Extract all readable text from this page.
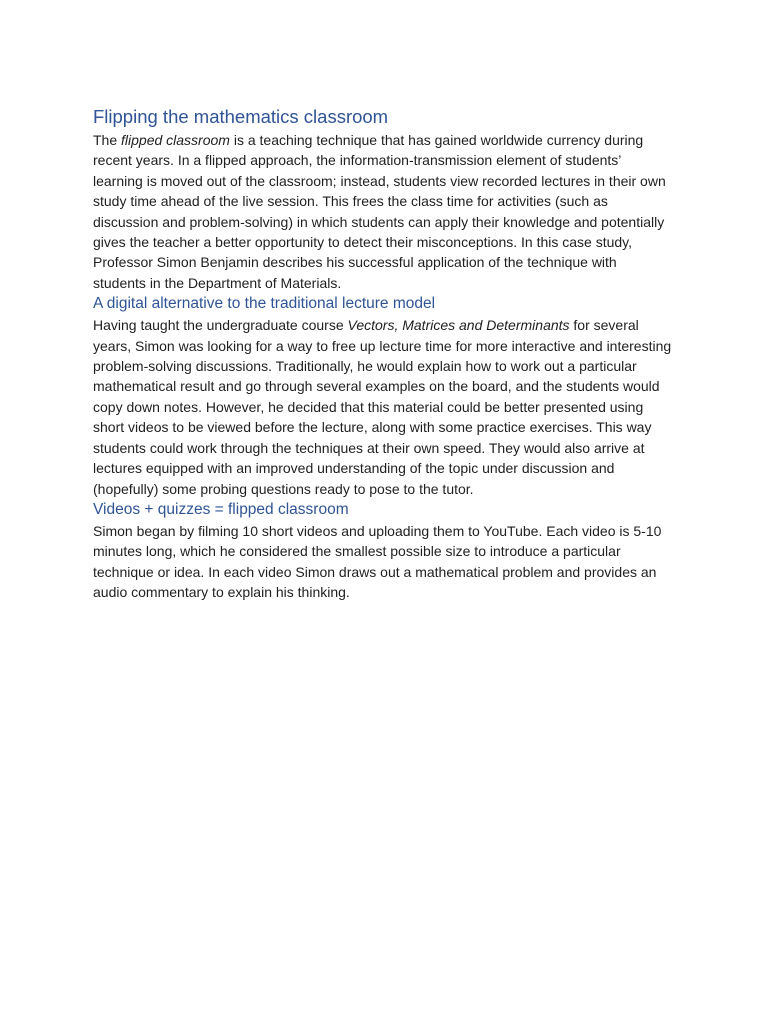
Flipping the mathematics classroom

The flipped classroom is a teaching technique that has gained worldwide currency during recent years. In a flipped approach, the information-transmission element of students’ learning is moved out of the classroom; instead, students view recorded lectures in their own study time ahead of the live session. This frees the class time for activities (such as discussion and problem-solving) in which students can apply their knowledge and potentially gives the teacher a better opportunity to detect their misconceptions. In this case study, Professor Simon Benjamin describes his successful application of the technique with students in the Department of Materials.

A digital alternative to the traditional lecture model

Having taught the undergraduate course Vectors, Matrices and Determinants for several years, Simon was looking for a way to free up lecture time for more interactive and interesting problem-solving discussions. Traditionally, he would explain how to work out a particular mathematical result and go through several examples on the board, and the students would copy down notes. However, he decided that this material could be better presented using short videos to be viewed before the lecture, along with some practice exercises. This way students could work through the techniques at their own speed. They would also arrive at lectures equipped with an improved understanding of the topic under discussion and (hopefully) some probing questions ready to pose to the tutor.

Videos + quizzes = flipped classroom

Simon began by filming 10 short videos and uploading them to YouTube. Each video is 5-10 minutes long, which he considered the smallest possible size to introduce a particular technique or idea. In each video Simon draws out a mathematical problem and provides an audio commentary to explain his thinking.
